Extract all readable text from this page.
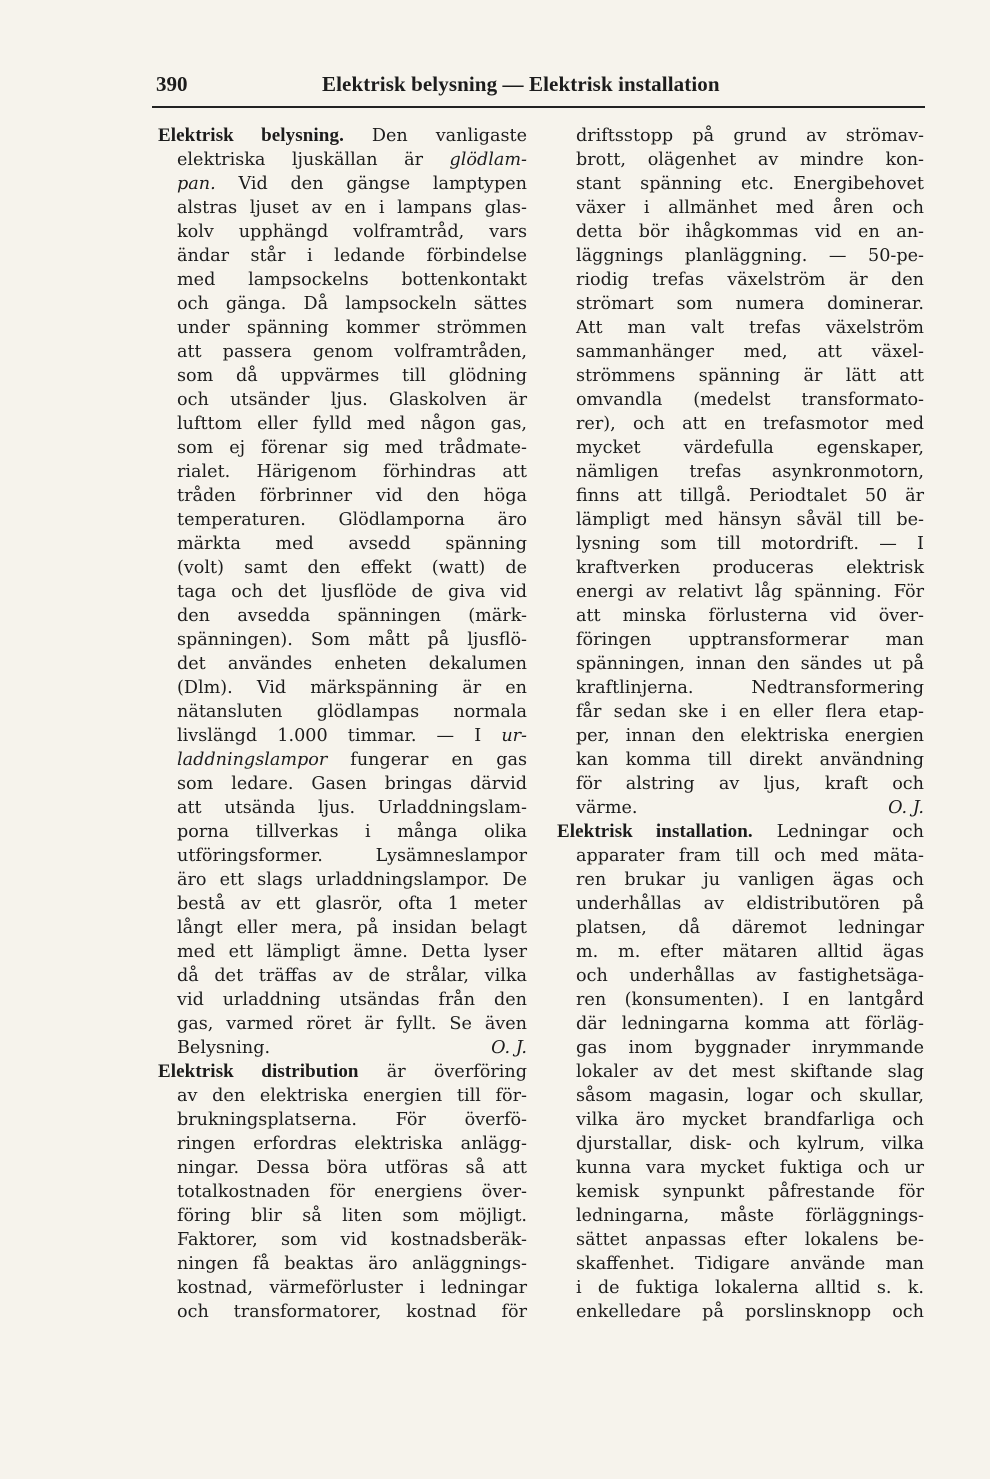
390	Elektrisk belysning — Elektrisk installation
Elektrisk belysning. Den vanligaste
elektriska ljuskällan är glödlam-
pan. Vid den gängse lamptypen
alstras ljuset av en i lampans glas-
kolv upphängd volframtråd, vars
ändar står i ledande förbindelse
med lampsockelns bottenkontakt
och gänga. Då lampsockeln sättes
under spänning kommer strömmen
att passera genom volframtråden,
som då uppvärmes till glödning
och utsänder ljus. Glaskolven är
lufttom eller fylld med någon gas,
som ej förenar sig med trådmate-
rialet. Härigenom förhindras att
tråden förbrinner vid den höga
temperaturen. Glödlamporna äro
märkta med avsedd spänning
(volt) samt den effekt (watt) de
taga och det ljusflöde de giva vid
den avsedda spänningen (märk-
spänningen). Som mått på ljusflö-
det användes enheten dekalumen
(Dlm). Vid märkspänning är en
nätansluten glödlampas normala
livslängd 1.000 timmar. — I ur-
laddningslampor fungerar en gas
som ledare. Gasen bringas därvid
att utsända ljus. Urladdningslam-
porna tillverkas i många olika
utföringsformer. Lysämneslampor
äro ett slags urladdningslampor. De
bestå av ett glasrör, ofta 1 meter
långt eller mera, på insidan belagt
med ett lämpligt ämne. Detta lyser
då det träffas av de strålar, vilka
vid urladdning utsändas från den
gas, varmed röret är fyllt. Se även
Belysning.	O. J.
Elektrisk distribution är överföring
av den elektriska energien till för-
brukningsplatserna. För överfö-
ringen erfordras elektriska anlägg-
ningar. Dessa böra utföras så att
totalkostnaden för energiens över-
föring blir så liten som möjligt.
Faktorer, som vid kostnadsberäk-
ningen få beaktas äro anläggnings-
kostnad, värmeförluster i ledningar
och transformatorer, kostnad för
driftsstopp på grund av strömav-
brott, olägenhet av mindre kon-
stant spänning etc. Energibehovet
växer i allmänhet med åren och
detta bör ihågkommas vid en an-
läggnings planläggning. — 50-pe-
riodig trefas växelström är den
strömart som numera dominerar.
Att man valt trefas växelström
sammanhänger med, att växel-
strömmens spänning är lätt att
omvandla (medelst transformato-
rer), och att en trefasmotor med
mycket värdefulla egenskaper,
nämligen trefas asynkronmotorn,
finns att tillgå. Periodtalet 50 är
lämpligt med hänsyn såväl till be-
lysning som till motordrift. — I
kraftverken produceras elektrisk
energi av relativt låg spänning. För
att minska förlusterna vid över-
föringen upptransformerar man
spänningen, innan den sändes ut på
kraftlinjerna. Nedtransformering
får sedan ske i en eller flera etap-
per, innan den elektriska energien
kan komma till direkt användning
för alstring av ljus, kraft och
värme.	O. J.
Elektrisk installation. Ledningar och
apparater fram till och med mäta-
ren brukar ju vanligen ägas och
underhållas av eldistributören på
platsen, då däremot ledningar
m. m. efter mätaren alltid ägas
och underhållas av fastighetsäga-
ren (konsumenten). I en lantgård
där ledningarna komma att förläg-
gas inom byggnader inrymmande
lokaler av det mest skiftande slag
såsom magasin, logar och skullar,
vilka äro mycket brandfarliga och
djurstallar, disk- och kylrum, vilka
kunna vara mycket fuktiga och ur
kemisk synpunkt påfrestande för
ledningarna, måste förläggnings-
sättet anpassas efter lokalens be-
skaffenhet. Tidigare använde man
i de fuktiga lokalerna alltid s. k.
enkelledare på porslinsknopp och
